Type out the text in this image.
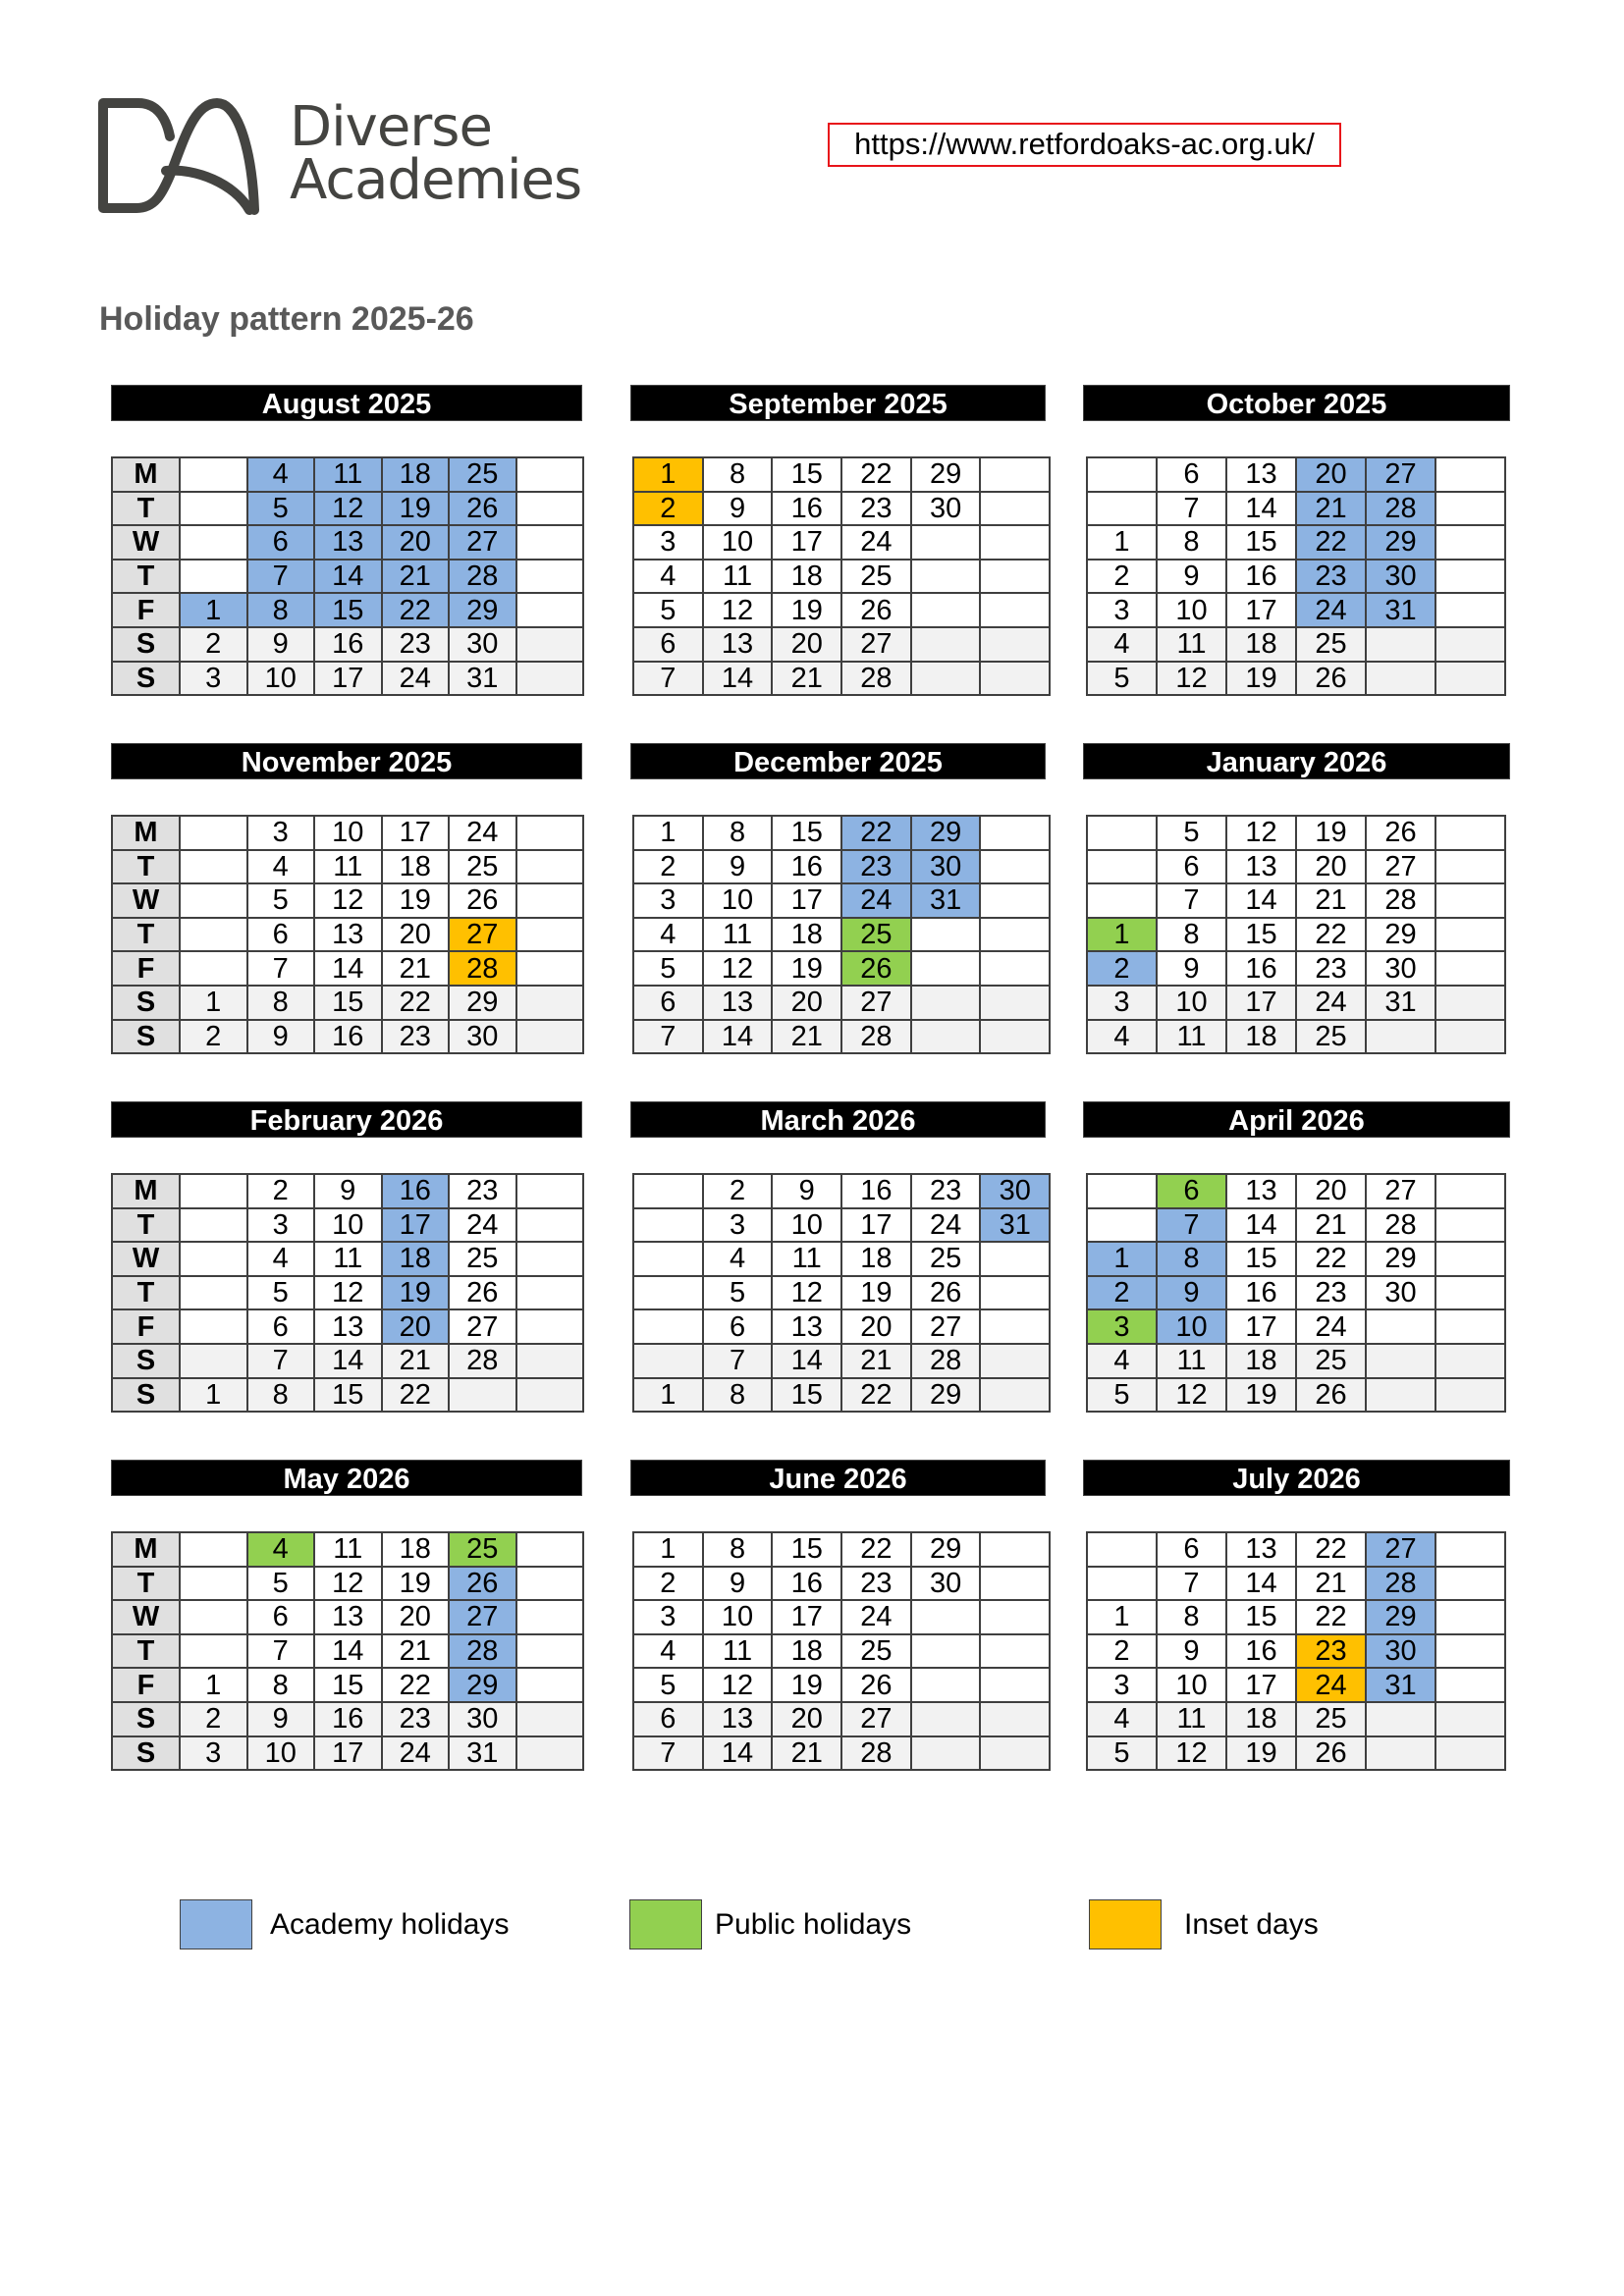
Diverse
Academies
https://www.retfordoaks-ac.org.uk/
Holiday pattern 2025-26
August 2025
M		4	11	18	25	
T		5	12	19	26	
W		6	13	20	27	
T		7	14	21	28	
F	1	8	15	22	29	
S	2	9	16	23	30	
S	3	10	17	24	31	
September 2025
1	8	15	22	29	
2	9	16	23	30	
3	10	17	24		
4	11	18	25		
5	12	19	26		
6	13	20	27		
7	14	21	28		
October 2025
	6	13	20	27	
	7	14	21	28	
1	8	15	22	29	
2	9	16	23	30	
3	10	17	24	31	
4	11	18	25		
5	12	19	26		
November 2025
M		3	10	17	24	
T		4	11	18	25	
W		5	12	19	26	
T		6	13	20	27	
F		7	14	21	28	
S	1	8	15	22	29	
S	2	9	16	23	30	
December 2025
1	8	15	22	29	
2	9	16	23	30	
3	10	17	24	31	
4	11	18	25		
5	12	19	26		
6	13	20	27		
7	14	21	28		
January 2026
	5	12	19	26	
	6	13	20	27	
	7	14	21	28	
1	8	15	22	29	
2	9	16	23	30	
3	10	17	24	31	
4	11	18	25		
February 2026
M		2	9	16	23	
T		3	10	17	24	
W		4	11	18	25	
T		5	12	19	26	
F		6	13	20	27	
S		7	14	21	28	
S	1	8	15	22		
March 2026
	2	9	16	23	30
	3	10	17	24	31
	4	11	18	25	
	5	12	19	26	
	6	13	20	27	
	7	14	21	28	
1	8	15	22	29	
April 2026
	6	13	20	27	
	7	14	21	28	
1	8	15	22	29	
2	9	16	23	30	
3	10	17	24		
4	11	18	25		
5	12	19	26		
May 2026
M		4	11	18	25	
T		5	12	19	26	
W		6	13	20	27	
T		7	14	21	28	
F	1	8	15	22	29	
S	2	9	16	23	30	
S	3	10	17	24	31	
June 2026
1	8	15	22	29	
2	9	16	23	30	
3	10	17	24		
4	11	18	25		
5	12	19	26		
6	13	20	27		
7	14	21	28		
July 2026
	6	13	22	27	
	7	14	21	28	
1	8	15	22	29	
2	9	16	23	30	
3	10	17	24	31	
4	11	18	25		
5	12	19	26		
Academy holidays	Public holidays	Inset days
